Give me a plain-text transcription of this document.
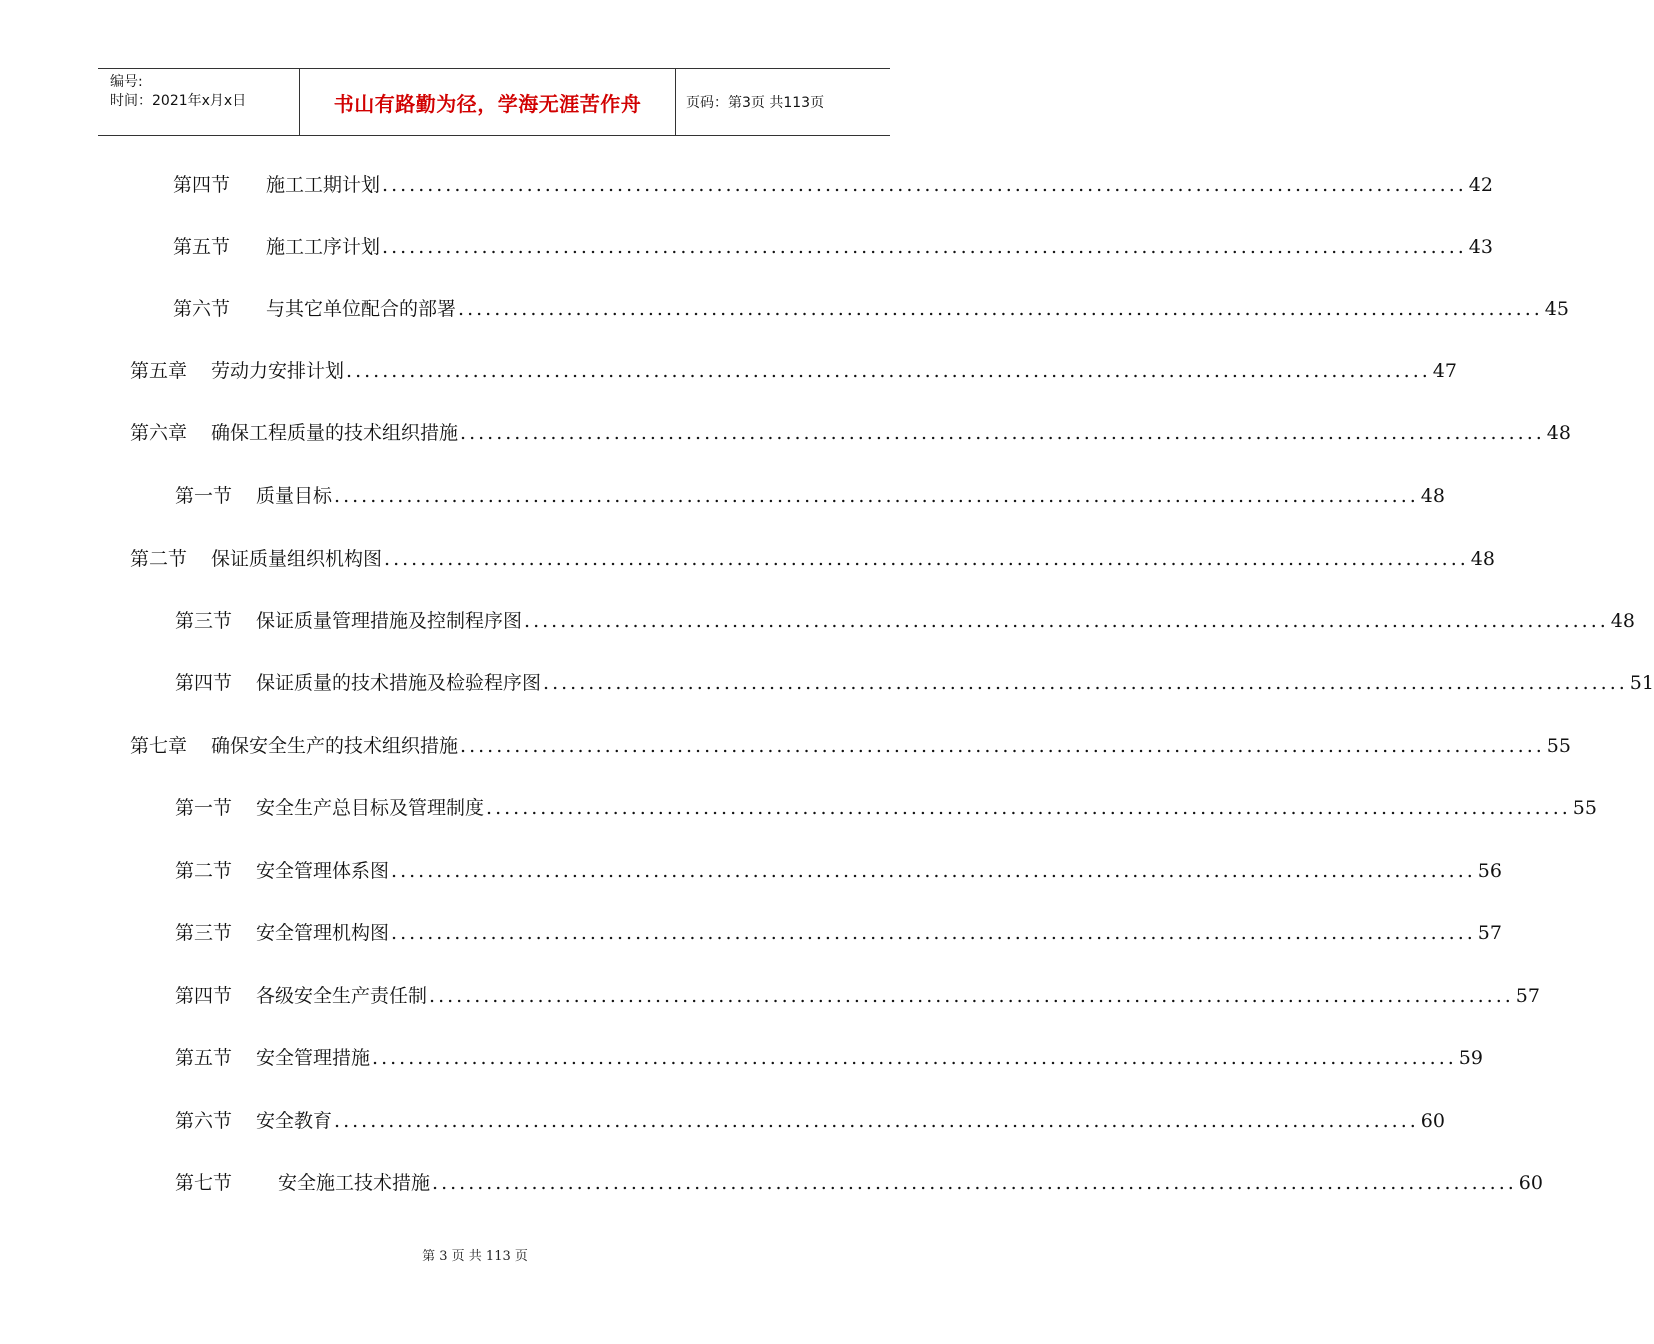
编号:
时间：2021年x月x日	书山有路勤为径，学海无涯苦作舟	页码：第3页 共113页
第四节 施工工期计划 ........................................................................................................................ 42
第五节 施工工序计划 ........................................................................................................................ 43
第六节 与其它单位配合的部署 ........................................................................................................................ 45
第五章 劳动力安排计划 ........................................................................................................................ 47
第六章 确保工程质量的技术组织措施 ........................................................................................................................ 48
第一节 质量目标 ........................................................................................................................ 48
第二节 保证质量组织机构图 ........................................................................................................................ 48
第三节 保证质量管理措施及控制程序图 ........................................................................................................................ 48
第四节 保证质量的技术措施及检验程序图 ........................................................................................................................ 51
第七章 确保安全生产的技术组织措施 ........................................................................................................................ 55
第一节 安全生产总目标及管理制度 ........................................................................................................................ 55
第二节 安全管理体系图 ........................................................................................................................ 56
第三节 安全管理机构图 ........................................................................................................................ 57
第四节 各级安全生产责任制 ........................................................................................................................ 57
第五节 安全管理措施 ........................................................................................................................ 59
第六节 安全教育 ........................................................................................................................ 60
第七节 安全施工技术措施 ........................................................................................................................ 60
第 3 页 共 113 页
